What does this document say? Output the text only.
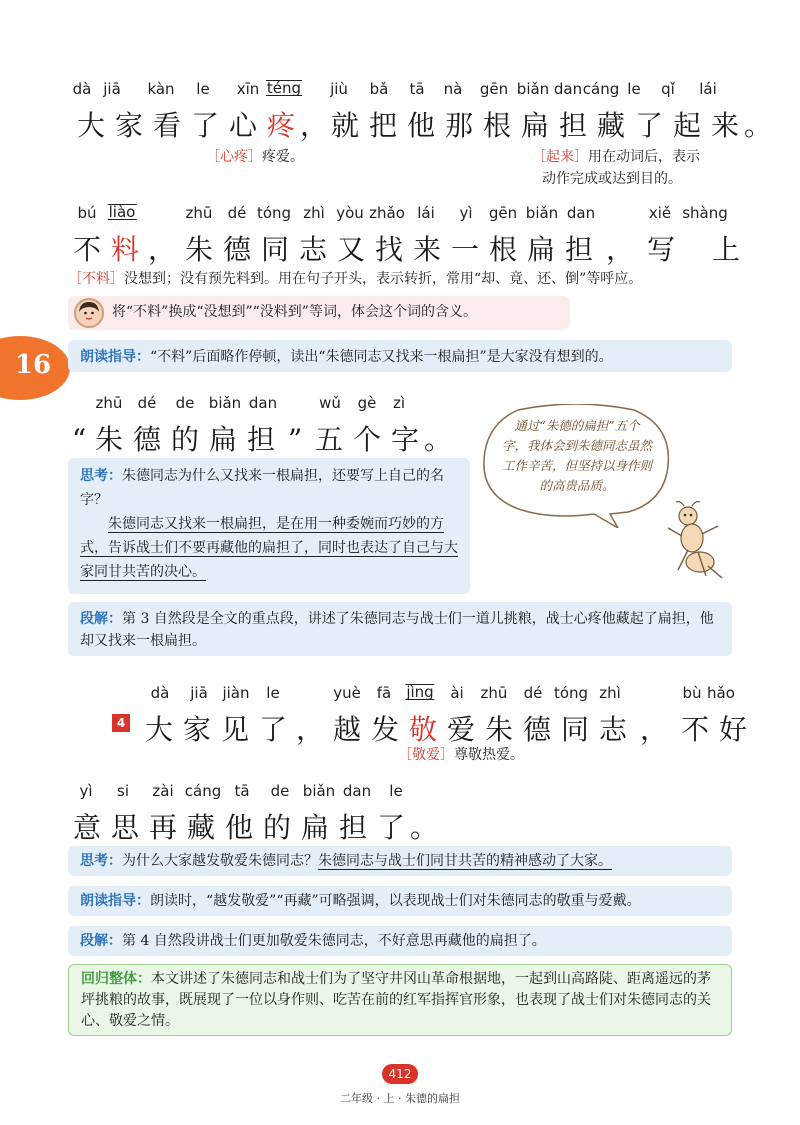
dà jiā kàn le xīn téng jiù bǎ tā nà gēn biǎn dan cáng le qǐ lái
大 家 看 了 心 疼 ， 就 把 他 那 根 扁 担 藏 了 起 来 。
［心疼］疼爱。	［起来］用在动词后，表示
动作完成或达到目的。
bú liào	zhū dé tóng zhì yòu zhǎo lái yì gēn biǎn dan	xiě shàng
不 料 ， 朱 德 同 志 又 找 来 一 根 扁 担 ， 写 上
［不料］没想到；没有预先料到。用在句子开头，表示转折，常用“却、竟、还、倒”等呼应。
将“不料”换成“没想到”“没料到”等词，体会这个词的含义。
16	朗读指导：“不料”后面略作停顿，读出“朱德同志又找来一根扁担”是大家没有想到的。
zhū dé de biǎn dan	wǔ gè zì
“ 朱 德 的 扁 担 ” 五 个 字 。	通过“朱德的扁担”五个字，我体会到朱德同志虽然工作辛苦，但坚持以身作则的高贵品质。
思考：朱德同志为什么又找来一根扁担，还要写上自己的名字？
朱德同志又找来一根扁担，是在用一种委婉而巧妙的方式，告诉战士们不要再藏他的扁担了，同时也表达了自己与大家同甘共苦的决心。
段解：第 3 自然段是全文的重点段，讲述了朱德同志与战士们一道儿挑粮，战士心疼他藏起了扁担，他却又找来一根扁担。
dà jiā jiàn le	yuè fā jìng ài zhū dé tóng zhì	bù hǎo
4 大 家 见 了 ， 越 发 敬 爱 朱 德 同 志 ， 不 好
［敬爱］尊敬热爱。
yì si zài cáng tā de biǎn dan le
意 思 再 藏 他 的 扁 担 了 。
思考：为什么大家越发敬爱朱德同志？朱德同志与战士们同甘共苦的精神感动了大家。
朗读指导：朗读时，“越发敬爱”“再藏”可略强调，以表现战士们对朱德同志的敬重与爱戴。
段解：第 4 自然段讲战士们更加敬爱朱德同志，不好意思再藏他的扁担了。
回归整体：本文讲述了朱德同志和战士们为了坚守井冈山革命根据地，一起到山高路陡、距离遥远的茅坪挑粮的故事，既展现了一位以身作则、吃苦在前的红军指挥官形象，也表现了战士们对朱德同志的关心、敬爱之情。
412
二年级 · 上 · 朱德的扁担
